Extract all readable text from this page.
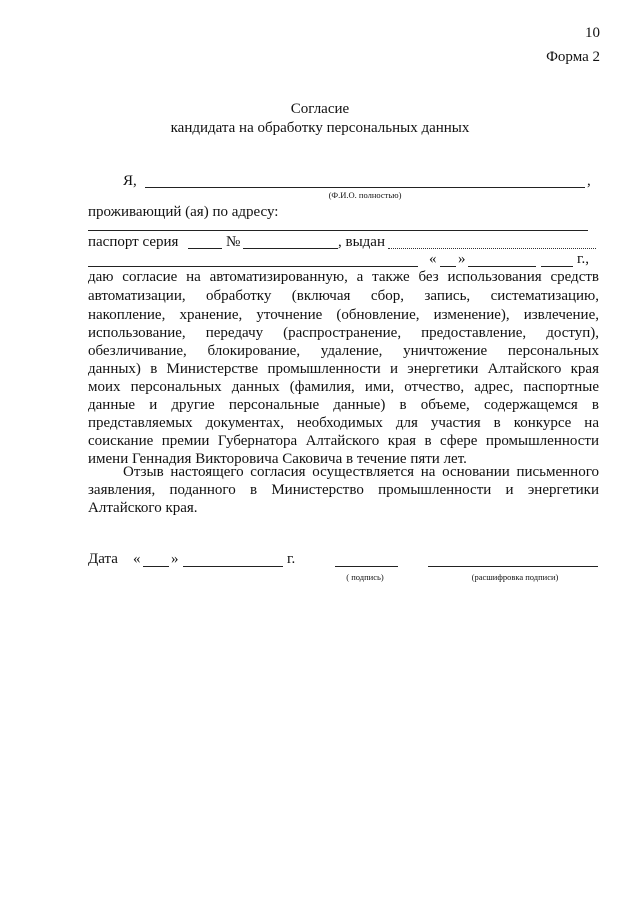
10
Форма 2
Согласие
кандидата на обработку персональных данных
Я,	,
(Ф.И.О. полностью)
проживающий (ая) по адресу:
паспорт серия	№	, выдан
« »	г.,
даю согласие на автоматизированную, а также без использования средств
автоматизации, обработку (включая сбор, запись, систематизацию,
накопление, хранение, уточнение (обновление, изменение), извлечение,
использование, передачу (распространение, предоставление, доступ),
обезличивание, блокирование, удаление, уничтожение персональных
данных) в Министерстве промышленности и энергетики Алтайского края
моих персональных данных (фамилия, ими, отчество, адрес, паспортные
данные и другие персональные данные) в объеме, содержащемся в
представляемых документах, необходимых для участия в конкурсе на
соискание премии Губернатора Алтайского края в сфере промышленности
имени Геннадия Викторовича Саковича в течение пяти лет.
Отзыв настоящего согласия осуществляется на основании письменного
заявления, поданного в Министерство промышленности и энергетики
Алтайского края.
Дата « »	г.
( подпись)	(расшифровка подписи)
